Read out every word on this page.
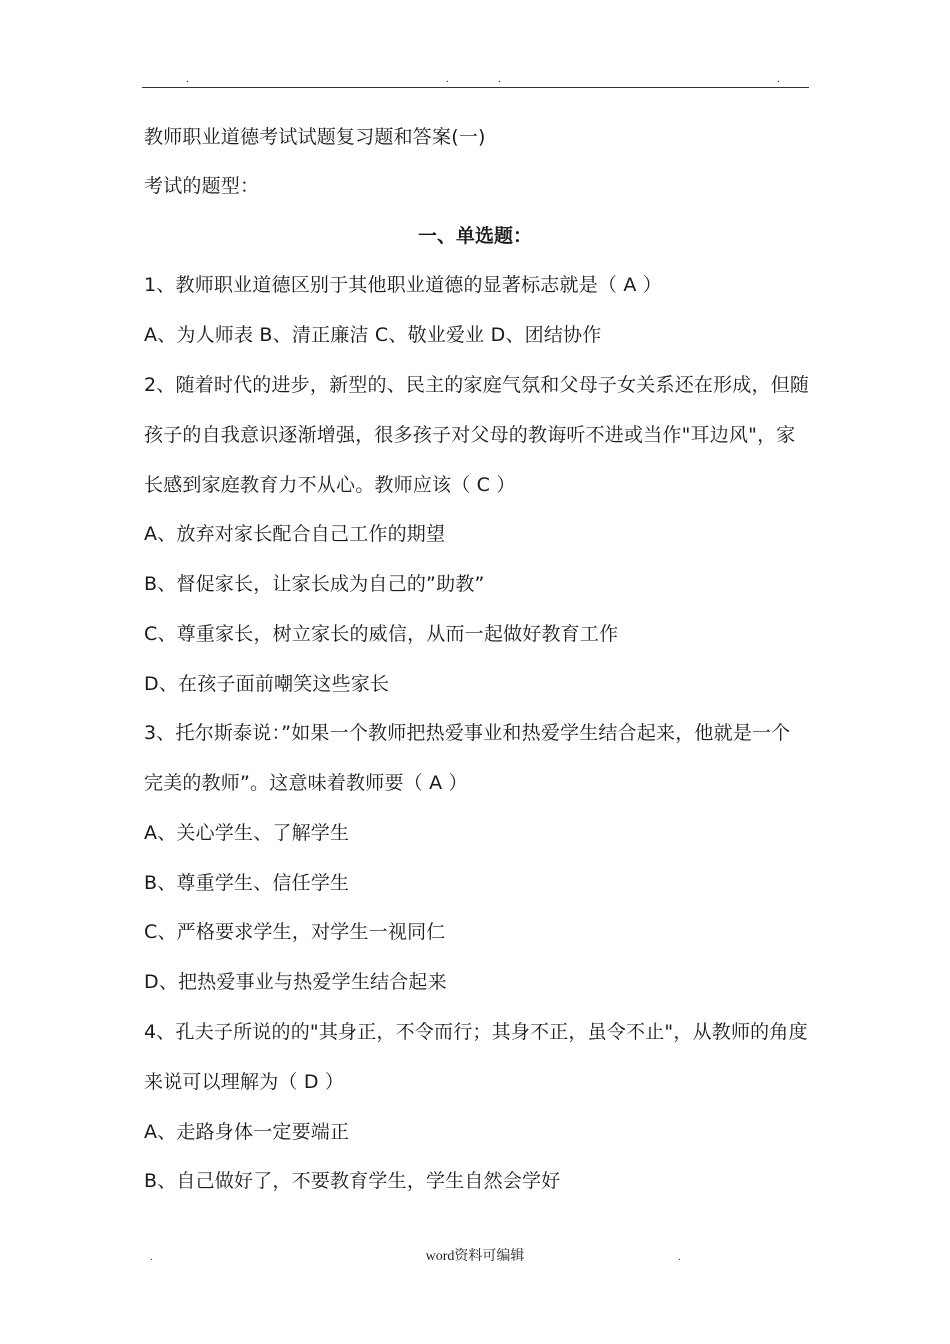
.	.	.	.
教师职业道德考试试题复习题和答案(一)
考试的题型：
一、单选题：
1、教师职业道德区别于其他职业道德的显著标志就是（ A ）
A、为人师表 B、清正廉洁 C、敬业爱业 D、团结协作
2、随着时代的进步，新型的、民主的家庭气氛和父母子女关系还在形成，但随
孩子的自我意识逐渐增强，很多孩子对父母的教诲听不进或当作"耳边风"，家
长感到家庭教育力不从心。教师应该（ C ）
A、放弃对家长配合自己工作的期望
B、督促家长，让家长成为自己的”助教”
C、尊重家长，树立家长的威信，从而一起做好教育工作
D、在孩子面前嘲笑这些家长
3、托尔斯泰说：”如果一个教师把热爱事业和热爱学生结合起来，他就是一个
完美的教师”。这意味着教师要（ A ）
A、关心学生、了解学生
B、尊重学生、信任学生
C、严格要求学生，对学生一视同仁
D、把热爱事业与热爱学生结合起来
4、孔夫子所说的的"其身正，不令而行；其身不正，虽令不止"，从教师的角度
来说可以理解为（ D ）
A、走路身体一定要端正
B、自己做好了，不要教育学生，学生自然会学好
.	.
word资料可编辑
